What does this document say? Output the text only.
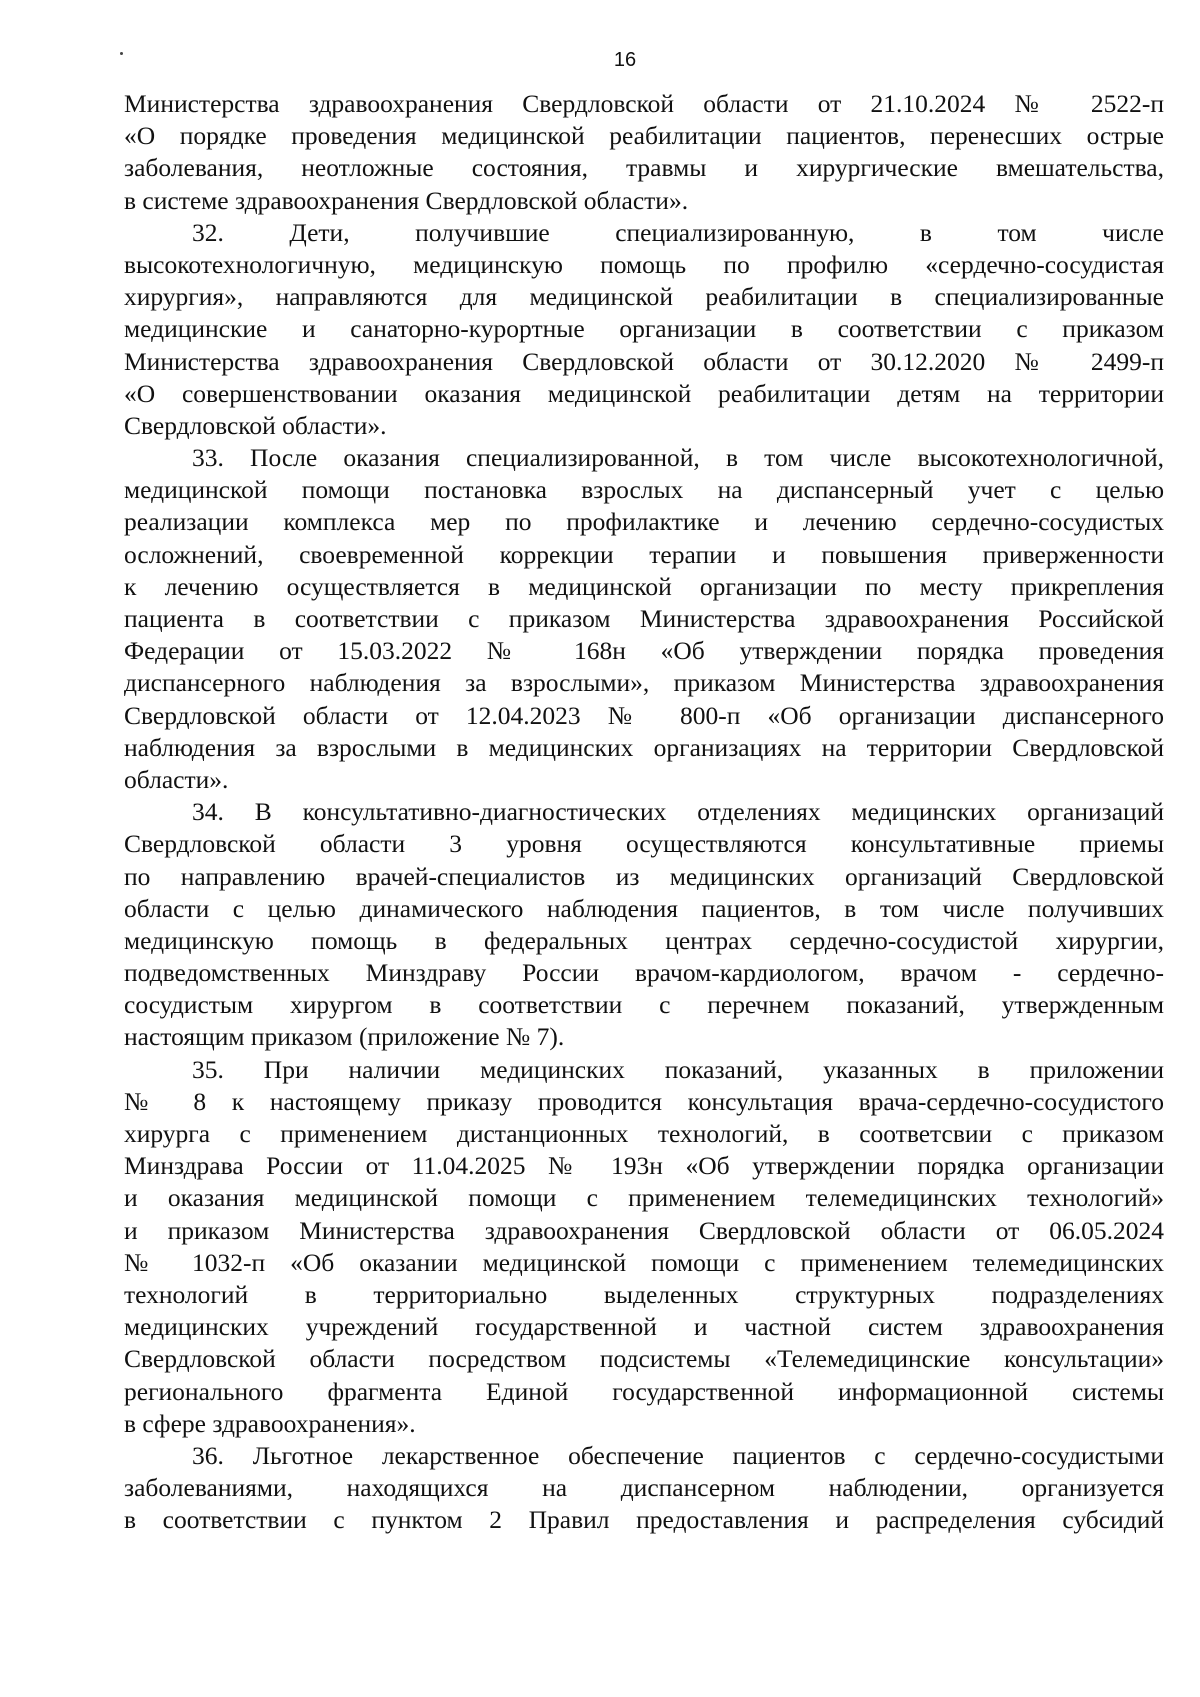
16
Министерства здравоохранения Свердловской области от 21.10.2024 № 2522-п
«О порядке проведения медицинской реабилитации пациентов, перенесших острые
заболевания, неотложные состояния, травмы и хирургические вмешательства,
в системе здравоохранения Свердловской области».
32. Дети, получившие специализированную, в том числе
высокотехнологичную, медицинскую помощь по профилю «сердечно-сосудистая
хирургия», направляются для медицинской реабилитации в специализированные
медицинские и санаторно-курортные организации в соответствии с приказом
Министерства здравоохранения Свердловской области от 30.12.2020 № 2499-п
«О совершенствовании оказания медицинской реабилитации детям на территории
Свердловской области».
33. После оказания специализированной, в том числе высокотехнологичной,
медицинской помощи постановка взрослых на диспансерный учет с целью
реализации комплекса мер по профилактике и лечению сердечно-сосудистых
осложнений, своевременной коррекции терапии и повышения приверженности
к лечению осуществляется в медицинской организации по месту прикрепления
пациента в соответствии с приказом Министерства здравоохранения Российской
Федерации от 15.03.2022 № 168н «Об утверждении порядка проведения
диспансерного наблюдения за взрослыми», приказом Министерства здравоохранения
Свердловской области от 12.04.2023 № 800-п «Об организации диспансерного
наблюдения за взрослыми в медицинских организациях на территории Свердловской
области».
34. В консультативно-диагностических отделениях медицинских организаций
Свердловской области 3 уровня осуществляются консультативные приемы
по направлению врачей-специалистов из медицинских организаций Свердловской
области с целью динамического наблюдения пациентов, в том числе получивших
медицинскую помощь в федеральных центрах сердечно-сосудистой хирургии,
подведомственных Минздраву России врачом-кардиологом, врачом - сердечно-
сосудистым хирургом в соответствии с перечнем показаний, утвержденным
настоящим приказом (приложение № 7).
35. При наличии медицинских показаний, указанных в приложении
№ 8 к настоящему приказу проводится консультация врача-сердечно-сосудистого
хирурга с применением дистанционных технологий, в соответсвии с приказом
Минздрава России от 11.04.2025 № 193н «Об утверждении порядка организации
и оказания медицинской помощи с применением телемедицинских технологий»
и приказом Министерства здравоохранения Свердловской области от 06.05.2024
№ 1032-п «Об оказании медицинской помощи с применением телемедицинских
технологий в территориально выделенных структурных подразделениях
медицинских учреждений государственной и частной систем здравоохранения
Свердловской области посредством подсистемы «Телемедицинские консультации»
регионального фрагмента Единой государственной информационной системы
в сфере здравоохранения».
36. Льготное лекарственное обеспечение пациентов с сердечно-сосудистыми
заболеваниями, находящихся на диспансерном наблюдении, организуется
в соответствии с пунктом 2 Правил предоставления и распределения субсидий
